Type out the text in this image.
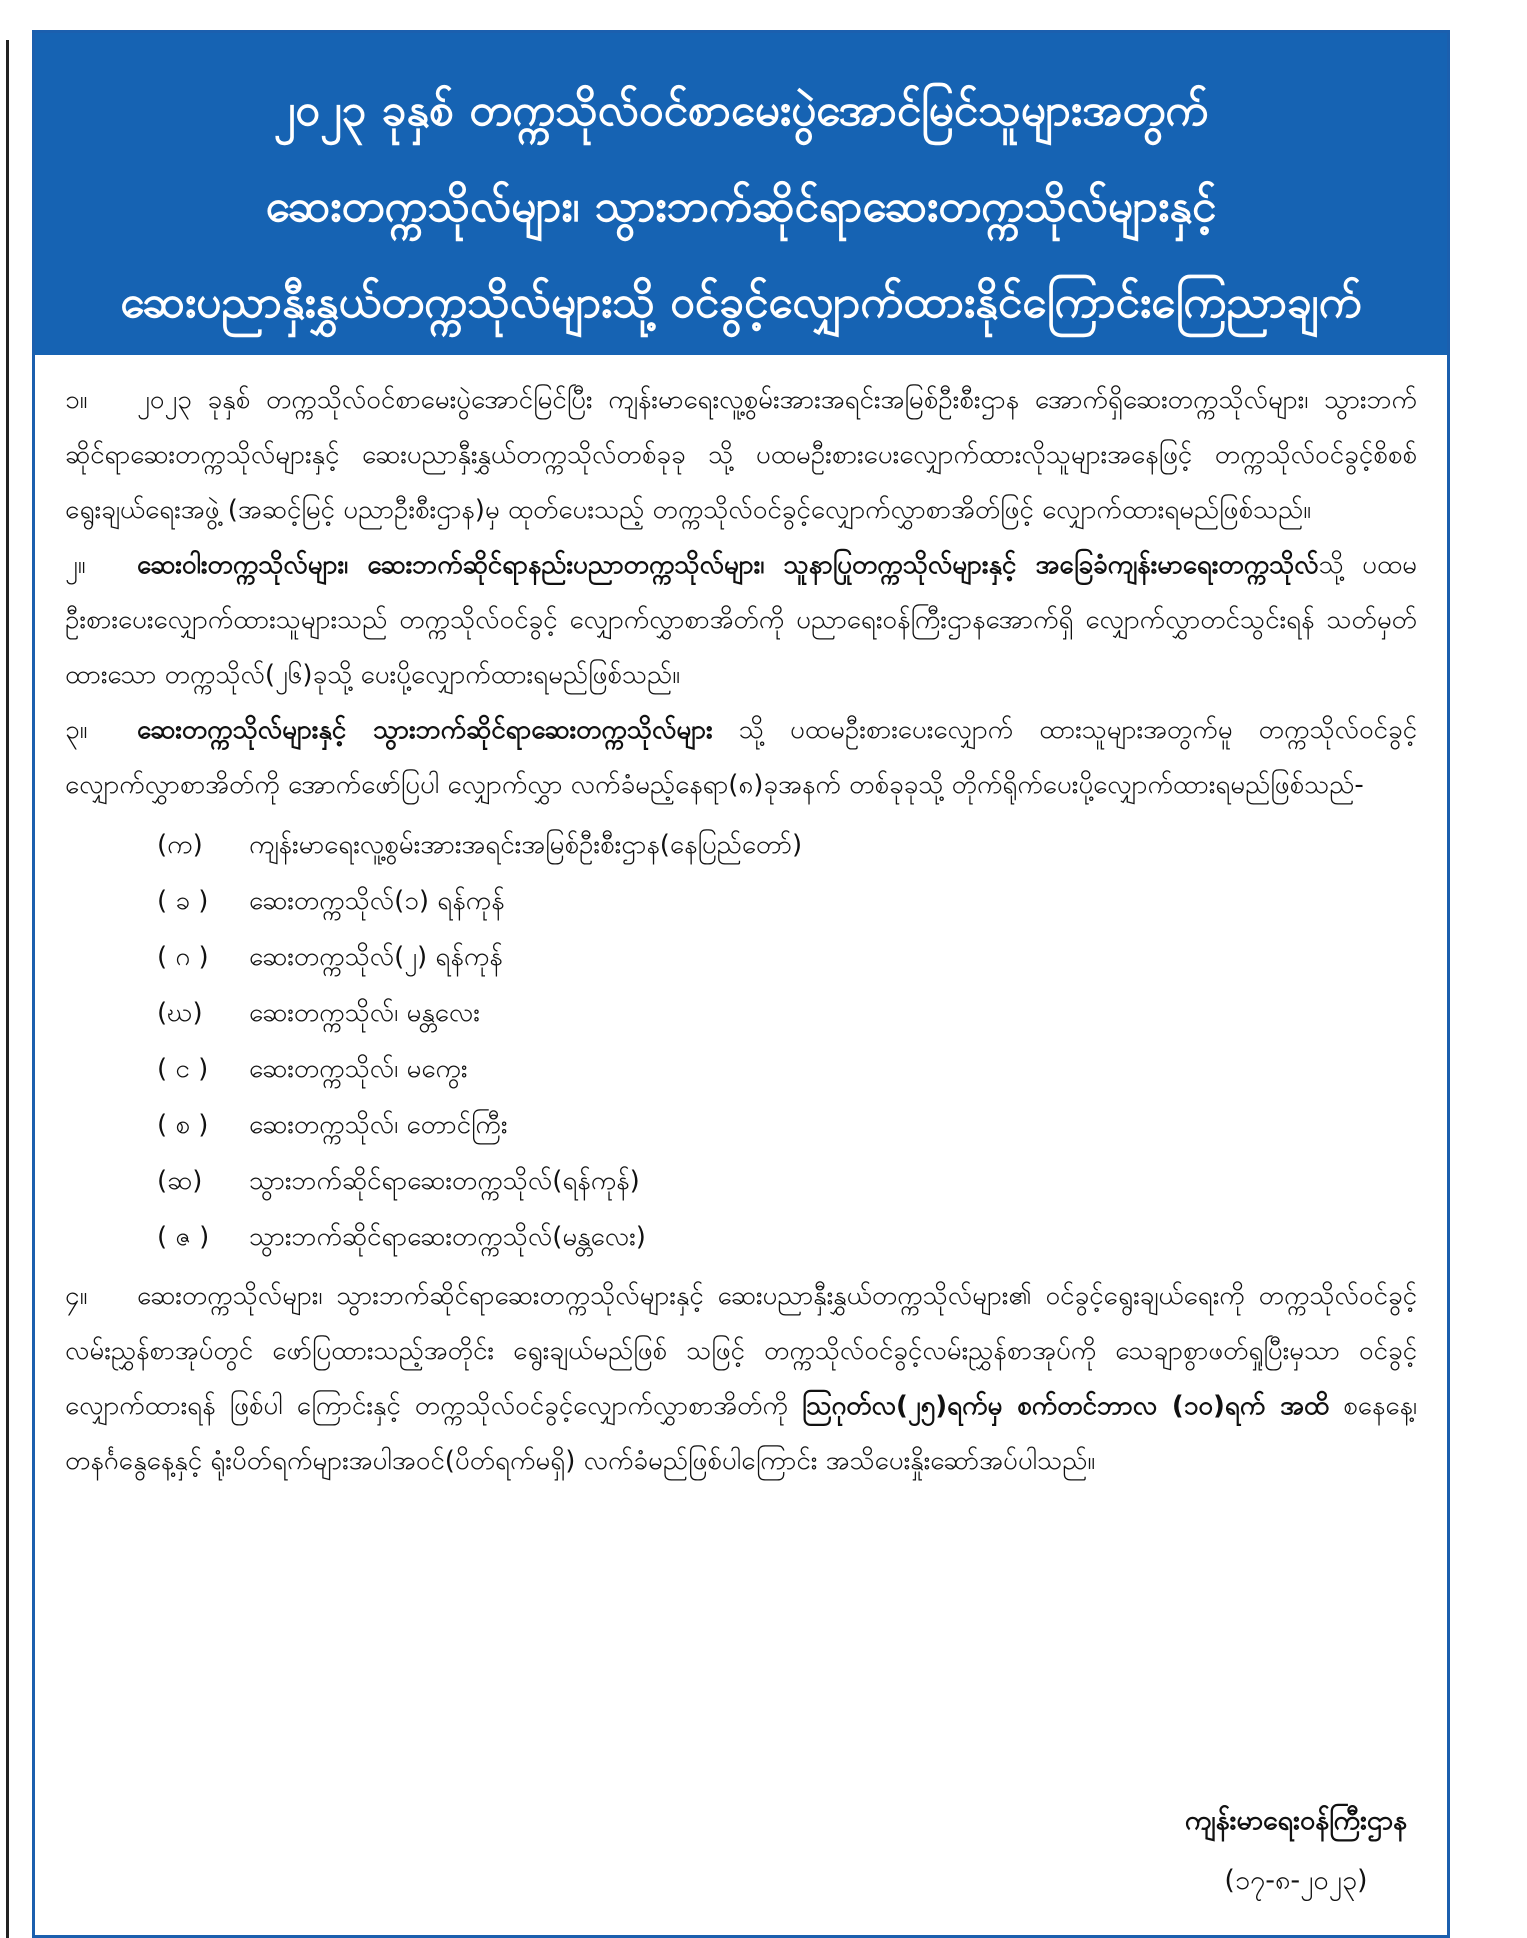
၂၀၂၃ ခုနှစ် တက္ကသိုလ်ဝင်စာမေးပွဲအောင်မြင်သူများအတွက်
ဆေးတက္ကသိုလ်များ၊ သွားဘက်ဆိုင်ရာဆေးတက္ကသိုလ်များနှင့်
ဆေးပညာနှီးနွှယ်တက္ကသိုလ်များသို့ ဝင်ခွင့်လျှောက်ထားနိုင်ကြောင်းကြေညာချက်
၁။ ၂၀၂၃ ခုနှစ် တက္ကသိုလ်ဝင်စာမေးပွဲအောင်မြင်ပြီး ကျန်းမာရေးလူ့စွမ်းအားအရင်းအမြစ်ဦးစီးဌာန အောက်ရှိဆေးတက္ကသိုလ်များ၊ သွားဘက်ဆိုင်ရာဆေးတက္ကသိုလ်များနှင့် ဆေးပညာနှီးနွှယ်တက္ကသိုလ်တစ်ခုခု သို့ ပထမဦးစားပေးလျှောက်ထားလိုသူများအနေဖြင့် တက္ကသိုလ်ဝင်ခွင့်စိစစ်ရွေးချယ်ရေးအဖွဲ့ (အဆင့်မြင့် ပညာဦးစီးဌာန)မှ ထုတ်ပေးသည့် တက္ကသိုလ်ဝင်ခွင့်လျှောက်လွှာစာအိတ်ဖြင့် လျှောက်ထားရမည်ဖြစ်သည်။
၂။ ဆေးဝါးတက္ကသိုလ်များ၊ ဆေးဘက်ဆိုင်ရာနည်းပညာတက္ကသိုလ်များ၊ သူနာပြုတက္ကသိုလ်များနှင့် အခြေခံကျန်းမာရေးတက္ကသိုလ်သို့ ပထမဦးစားပေးလျှောက်ထားသူများသည် တက္ကသိုလ်ဝင်ခွင့် လျှောက်လွှာစာအိတ်ကို ပညာရေးဝန်ကြီးဌာနအောက်ရှိ လျှောက်လွှာတင်သွင်းရန် သတ်မှတ်ထားသော တက္ကသိုလ်(၂၆)ခုသို့ ပေးပို့လျှောက်ထားရမည်ဖြစ်သည်။
၃။ ဆေးတက္ကသိုလ်များနှင့် သွားဘက်ဆိုင်ရာဆေးတက္ကသိုလ်များ သို့ ပထမဦးစားပေးလျှောက် ထားသူများအတွက်မူ တက္ကသိုလ်ဝင်ခွင့်လျှောက်လွှာစာအိတ်ကို အောက်ဖော်ပြပါ လျှောက်လွှာ လက်ခံမည့်နေရာ(၈)ခုအနက် တစ်ခုခုသို့ တိုက်ရိုက်ပေးပို့လျှောက်ထားရမည်ဖြစ်သည်-
(က) ကျန်းမာရေးလူ့စွမ်းအားအရင်းအမြစ်ဦးစီးဌာန(နေပြည်တော်)
( ခ ) ဆေးတက္ကသိုလ်(၁) ရန်ကုန်
( ဂ ) ဆေးတက္ကသိုလ်(၂) ရန်ကုန်
(ဃ) ဆေးတက္ကသိုလ်၊ မန္တလေး
( င ) ဆေးတက္ကသိုလ်၊ မကွေး
( စ ) ဆေးတက္ကသိုလ်၊ တောင်ကြီး
(ဆ) သွားဘက်ဆိုင်ရာဆေးတက္ကသိုလ်(ရန်ကုန်)
( ဇ ) သွားဘက်ဆိုင်ရာဆေးတက္ကသိုလ်(မန္တလေး)
၄။ ဆေးတက္ကသိုလ်များ၊ သွားဘက်ဆိုင်ရာဆေးတက္ကသိုလ်များနှင့် ဆေးပညာနှီးနွှယ်တက္ကသိုလ်များ၏ ဝင်ခွင့်ရွေးချယ်ရေးကို တက္ကသိုလ်ဝင်ခွင့်လမ်းညွှန်စာအုပ်တွင် ဖော်ပြထားသည့်အတိုင်း ရွေးချယ်မည်ဖြစ် သဖြင့် တက္ကသိုလ်ဝင်ခွင့်လမ်းညွှန်စာအုပ်ကို သေချာစွာဖတ်ရှုပြီးမှသာ ဝင်ခွင့်လျှောက်ထားရန် ဖြစ်ပါ ကြောင်းနှင့် တက္ကသိုလ်ဝင်ခွင့်လျှောက်လွှာစာအိတ်ကို ဩဂုတ်လ(၂၅)ရက်မှ စက်တင်ဘာလ (၁၀)ရက် အထိ စနေနေ့၊ တနင်္ဂနွေနေ့နှင့် ရုံးပိတ်ရက်များအပါအဝင်(ပိတ်ရက်မရှိ) လက်ခံမည်ဖြစ်ပါကြောင်း အသိပေးနှိုးဆော်အပ်ပါသည်။
ကျန်းမာရေးဝန်ကြီးဌာန
(၁၇-၈-၂၀၂၃)
